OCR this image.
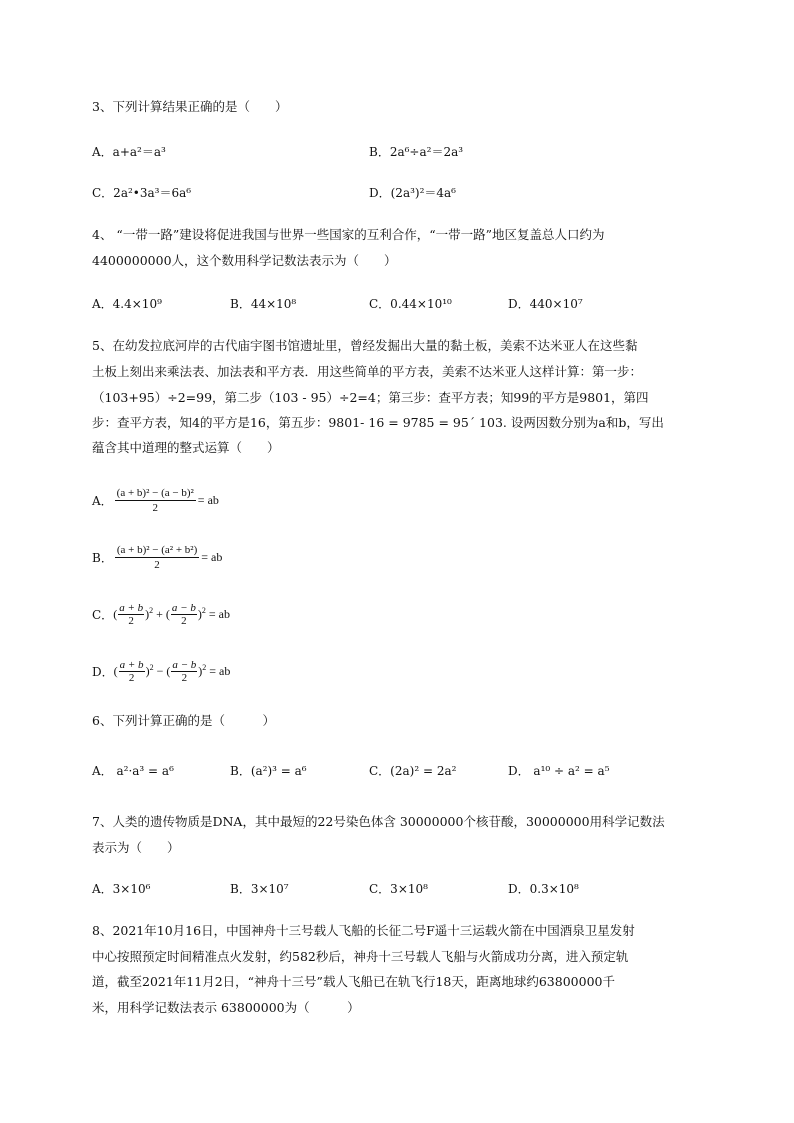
3、下列计算结果正确的是（　　）
A．a+a²＝a³	B．2a⁶÷a²＝2a³
C．2a²•3a³＝6a⁶	D．(2a³)²＝4a⁶
4、 “一带一路”建设将促进我国与世界一些国家的互利合作，“一带一路”地区复盖总人口约为
4400000000人，这个数用科学记数法表示为（　　）
A．4.4×10⁹	B．44×10⁸	C．0.44×10¹⁰	D．440×10⁷
5、在幼发拉底河岸的古代庙宇图书馆遗址里，曾经发掘出大量的黏土板，美索不达米亚人在这些黏
土板上刻出来乘法表、加法表和平方表．用这些简单的平方表，美索不达米亚人这样计算：第一步：
（103+95）÷2=99，第二步（103 - 95）÷2=4；第三步：查平方表；知99的平方是9801，第四
步：查平方表，知4的平方是16，第五步：9801- 16 = 9785 = 95´ 103. 设两因数分别为a和b，写出
蕴含其中道理的整式运算（　　）
A． $\frac{\text{(a + b)² − (a − b)²}}{2}$ = ab
B． $\frac{\text{(a + b)² − (a² + b²)}}{2}$ = ab
C． ( $\frac{a + b}{2} )^2$ + ( $\frac{a - b}{2} )^2$ = ab
D． ( $\frac{a + b}{2} )^2$ − ( $\frac{a - b}{2} )^2$ = ab
6、下列计算正确的是（　　　）
A． a²·a³ = a⁶	B．(a²)³ = a⁶	C．(2a)² = 2a²	D． a¹⁰ ÷ a² = a⁵
7、人类的遗传物质是DNA，其中最短的22号染色体含 30000000个核苷酸，30000000用科学记数法
表示为（　　）
A．3×10⁶	B．3×10⁷	C．3×10⁸	D．0.3×10⁸
8、2021年10月16日，中国神舟十三号载人飞船的长征二号F遥十三运载火箭在中国酒泉卫星发射
中心按照预定时间精准点火发射，约582秒后，神舟十三号载人飞船与火箭成功分离，进入预定轨
道，截至2021年11月2日，“神舟十三号”载人飞船已在轨飞行18天，距离地球约63800000千
米，用科学记数法表示 63800000为（　　　）
